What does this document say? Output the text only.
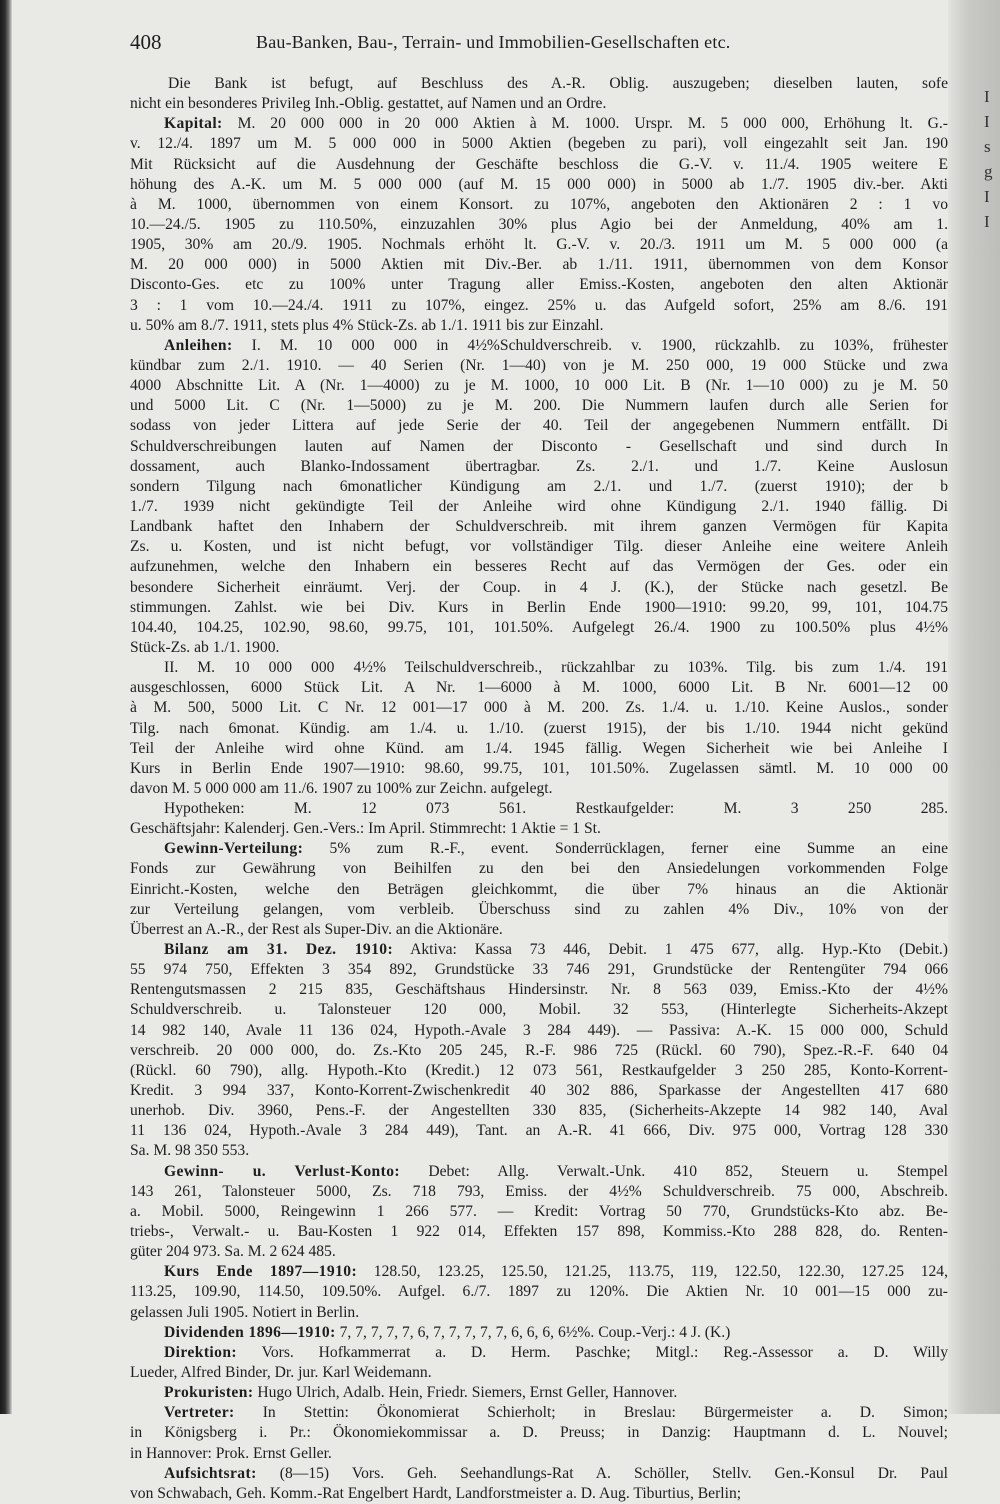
I
I
s
g
I
I
408	Bau-Banken, Bau-, Terrain- und Immobilien-Gesellschaften etc.
Die Bank ist befugt, auf Beschluss des A.-R. Oblig. auszugeben; dieselben lauten, sofe
nicht ein besonderes Privileg Inh.-Oblig. gestattet, auf Namen und an Ordre.
Kapital: M. 20 000 000 in 20 000 Aktien à M. 1000. Urspr. M. 5 000 000, Erhöhung lt. G.-
v. 12./4. 1897 um M. 5 000 000 in 5000 Aktien (begeben zu pari), voll eingezahlt seit Jan. 190
Mit Rücksicht auf die Ausdehnung der Geschäfte beschloss die G.-V. v. 11./4. 1905 weitere E
höhung des A.-K. um M. 5 000 000 (auf M. 15 000 000) in 5000 ab 1./7. 1905 div.-ber. Akti
à M. 1000, übernommen von einem Konsort. zu 107%, angeboten den Aktionären 2 : 1 vo
10.—24./5. 1905 zu 110.50%, einzuzahlen 30% plus Agio bei der Anmeldung, 40% am 1.
1905, 30% am 20./9. 1905. Nochmals erhöht lt. G.-V. v. 20./3. 1911 um M. 5 000 000 (a
M. 20 000 000) in 5000 Aktien mit Div.-Ber. ab 1./11. 1911, übernommen von dem Konsor
Disconto-Ges. etc zu 100% unter Tragung aller Emiss.-Kosten, angeboten den alten Aktionär
3 : 1 vom 10.—24./4. 1911 zu 107%, eingez. 25% u. das Aufgeld sofort, 25% am 8./6. 191
u. 50% am 8./7. 1911, stets plus 4% Stück-Zs. ab 1./1. 1911 bis zur Einzahl.
Anleihen: I. M. 10 000 000 in 4½%Schuldverschreib. v. 1900, rückzahlb. zu 103%, frühester
kündbar zum 2./1. 1910. — 40 Serien (Nr. 1—40) von je M. 250 000, 19 000 Stücke und zwa
4000 Abschnitte Lit. A (Nr. 1—4000) zu je M. 1000, 10 000 Lit. B (Nr. 1—10 000) zu je M. 50
und 5000 Lit. C (Nr. 1—5000) zu je M. 200. Die Nummern laufen durch alle Serien for
sodass von jeder Littera auf jede Serie der 40. Teil der angegebenen Nummern entfällt. Di
Schuldverschreibungen lauten auf Namen der Disconto - Gesellschaft und sind durch In
dossament, auch Blanko-Indossament übertragbar. Zs. 2./1. und 1./7. Keine Auslosun
sondern Tilgung nach 6monatlicher Kündigung am 2./1. und 1./7. (zuerst 1910); der b
1./7. 1939 nicht gekündigte Teil der Anleihe wird ohne Kündigung 2./1. 1940 fällig. Di
Landbank haftet den Inhabern der Schuldverschreib. mit ihrem ganzen Vermögen für Kapita
Zs. u. Kosten, und ist nicht befugt, vor vollständiger Tilg. dieser Anleihe eine weitere Anleih
aufzunehmen, welche den Inhabern ein besseres Recht auf das Vermögen der Ges. oder ein
besondere Sicherheit einräumt. Verj. der Coup. in 4 J. (K.), der Stücke nach gesetzl. Be
stimmungen. Zahlst. wie bei Div. Kurs in Berlin Ende 1900—1910: 99.20, 99, 101, 104.75
104.40, 104.25, 102.90, 98.60, 99.75, 101, 101.50%. Aufgelegt 26./4. 1900 zu 100.50% plus 4½%
Stück-Zs. ab 1./1. 1900.
II. M. 10 000 000 4½% Teilschuldverschreib., rückzahlbar zu 103%. Tilg. bis zum 1./4. 191
ausgeschlossen, 6000 Stück Lit. A Nr. 1—6000 à M. 1000, 6000 Lit. B Nr. 6001—12 00
à M. 500, 5000 Lit. C Nr. 12 001—17 000 à M. 200. Zs. 1./4. u. 1./10. Keine Auslos., sonder
Tilg. nach 6monat. Kündig. am 1./4. u. 1./10. (zuerst 1915), der bis 1./10. 1944 nicht gekünd
Teil der Anleihe wird ohne Künd. am 1./4. 1945 fällig. Wegen Sicherheit wie bei Anleihe I
Kurs in Berlin Ende 1907—1910: 98.60, 99.75, 101, 101.50%. Zugelassen sämtl. M. 10 000 00
davon M. 5 000 000 am 11./6. 1907 zu 100% zur Zeichn. aufgelegt.
Hypotheken: M. 12 073 561. Restkaufgelder: M. 3 250 285.
Geschäftsjahr: Kalenderj. Gen.-Vers.: Im April. Stimmrecht: 1 Aktie = 1 St.
Gewinn-Verteilung: 5% zum R.-F., event. Sonderrücklagen, ferner eine Summe an eine
Fonds zur Gewährung von Beihilfen zu den bei den Ansiedelungen vorkommenden Folge
Einricht.-Kosten, welche den Beträgen gleichkommt, die über 7% hinaus an die Aktionär
zur Verteilung gelangen, vom verbleib. Überschuss sind zu zahlen 4% Div., 10% von der
Überrest an A.-R., der Rest als Super-Div. an die Aktionäre.
Bilanz am 31. Dez. 1910: Aktiva: Kassa 73 446, Debit. 1 475 677, allg. Hyp.-Kto (Debit.)
55 974 750, Effekten 3 354 892, Grundstücke 33 746 291, Grundstücke der Rentengüter 794 066
Rentengutsmassen 2 215 835, Geschäftshaus Hindersinstr. Nr. 8 563 039, Emiss.-Kto der 4½%
Schuldverschreib. u. Talonsteuer 120 000, Mobil. 32 553, (Hinterlegte Sicherheits-Akzept
14 982 140, Avale 11 136 024, Hypoth.-Avale 3 284 449). — Passiva: A.-K. 15 000 000, Schuld
verschreib. 20 000 000, do. Zs.-Kto 205 245, R.-F. 986 725 (Rückl. 60 790), Spez.-R.-F. 640 04
(Rückl. 60 790), allg. Hypoth.-Kto (Kredit.) 12 073 561, Restkaufgelder 3 250 285, Konto-Korrent-
Kredit. 3 994 337, Konto-Korrent-Zwischenkredit 40 302 886, Sparkasse der Angestellten 417 680
unerhob. Div. 3960, Pens.-F. der Angestellten 330 835, (Sicherheits-Akzepte 14 982 140, Aval
11 136 024, Hypoth.-Avale 3 284 449), Tant. an A.-R. 41 666, Div. 975 000, Vortrag 128 330
Sa. M. 98 350 553.
Gewinn- u. Verlust-Konto: Debet: Allg. Verwalt.-Unk. 410 852, Steuern u. Stempel
143 261, Talonsteuer 5000, Zs. 718 793, Emiss. der 4½% Schuldverschreib. 75 000, Abschreib.
a. Mobil. 5000, Reingewinn 1 266 577. — Kredit: Vortrag 50 770, Grundstücks-Kto abz. Be-
triebs-, Verwalt.- u. Bau-Kosten 1 922 014, Effekten 157 898, Kommiss.-Kto 288 828, do. Renten-
güter 204 973. Sa. M. 2 624 485.
Kurs Ende 1897—1910: 128.50, 123.25, 125.50, 121.25, 113.75, 119, 122.50, 122.30, 127.25 124,
113.25, 109.90, 114.50, 109.50%. Aufgel. 6./7. 1897 zu 120%. Die Aktien Nr. 10 001—15 000 zu-
gelassen Juli 1905. Notiert in Berlin.
Dividenden 1896—1910: 7, 7, 7, 7, 7, 6, 7, 7, 7, 7, 7, 6, 6, 6, 6½%. Coup.-Verj.: 4 J. (K.)
Direktion: Vors. Hofkammerrat a. D. Herm. Paschke; Mitgl.: Reg.-Assessor a. D. Willy
Lueder, Alfred Binder, Dr. jur. Karl Weidemann.
Prokuristen: Hugo Ulrich, Adalb. Hein, Friedr. Siemers, Ernst Geller, Hannover.
Vertreter: In Stettin: Ökonomierat Schierholt; in Breslau: Bürgermeister a. D. Simon;
in Königsberg i. Pr.: Ökonomiekommissar a. D. Preuss; in Danzig: Hauptmann d. L. Nouvel;
in Hannover: Prok. Ernst Geller.
Aufsichtsrat: (8—15) Vors. Geh. Seehandlungs-Rat A. Schöller, Stellv. Gen.-Konsul Dr. Paul
von Schwabach, Geh. Komm.-Rat Engelbert Hardt, Landforstmeister a. D. Aug. Tiburtius, Berlin;
